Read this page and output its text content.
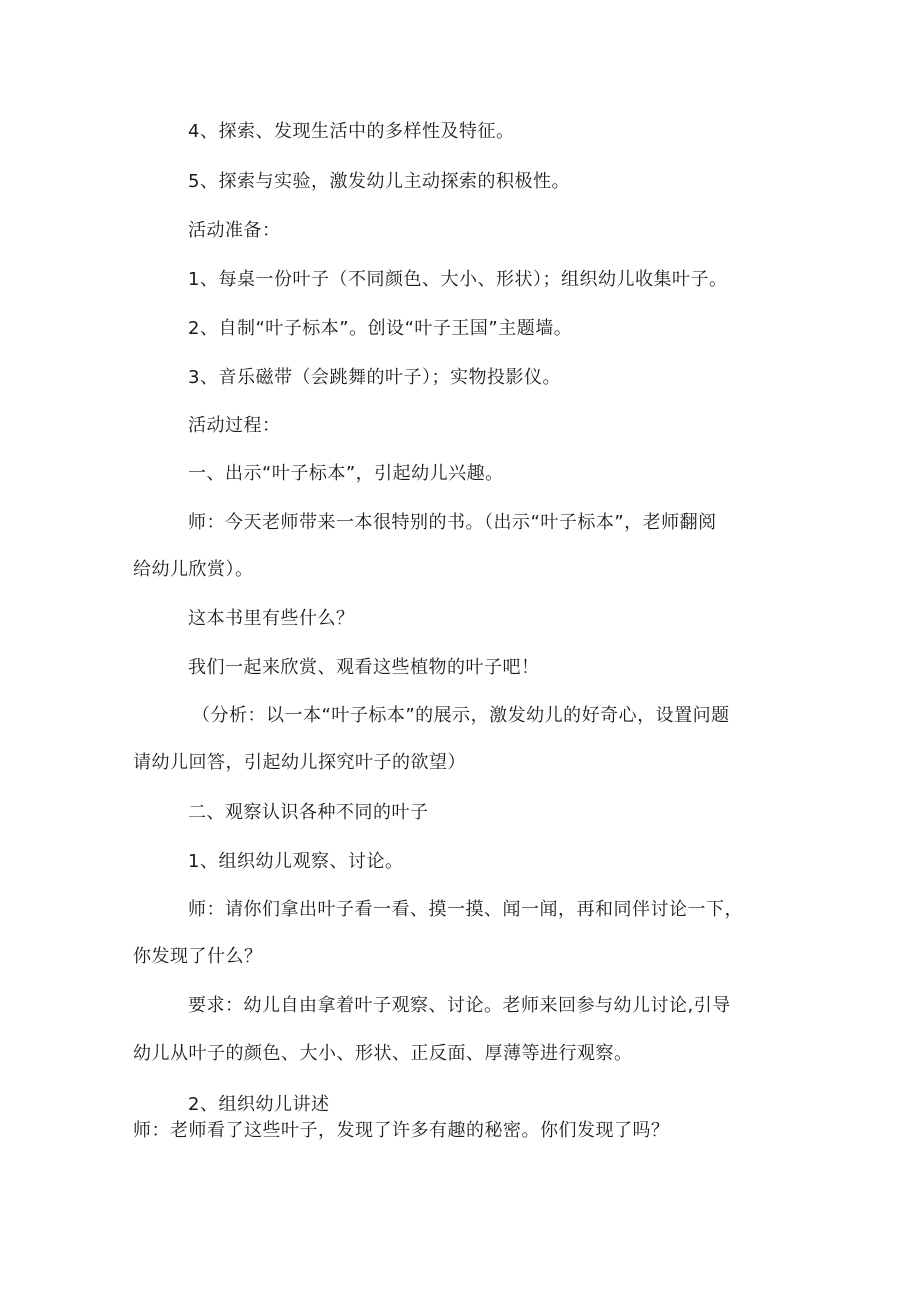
4、探索、发现生活中的多样性及特征。
5、探索与实验，激发幼儿主动探索的积极性。
活动准备：
1、每桌一份叶子（不同颜色、大小、形状）；组织幼儿收集叶子。
2、自制“叶子标本”。创设“叶子王国”主题墙。
3、音乐磁带（会跳舞的叶子）；实物投影仪。
活动过程：
一、出示“叶子标本”，引起幼儿兴趣。
师：今天老师带来一本很特别的书。（出示“叶子标本”，老师翻阅
给幼儿欣赏）。
这本书里有些什么？
我们一起来欣赏、观看这些植物的叶子吧！
（分析：以一本“叶子标本”的展示，激发幼儿的好奇心，设置问题
请幼儿回答，引起幼儿探究叶子的欲望）
二、观察认识各种不同的叶子
1、组织幼儿观察、讨论。
师：请你们拿出叶子看一看、摸一摸、闻一闻，再和同伴讨论一下，
你发现了什么？
要求：幼儿自由拿着叶子观察、讨论。老师来回参与幼儿讨论,引导
幼儿从叶子的颜色、大小、形状、正反面、厚薄等进行观察。
2、组织幼儿讲述
师：老师看了这些叶子，发现了许多有趣的秘密。你们发现了吗？
